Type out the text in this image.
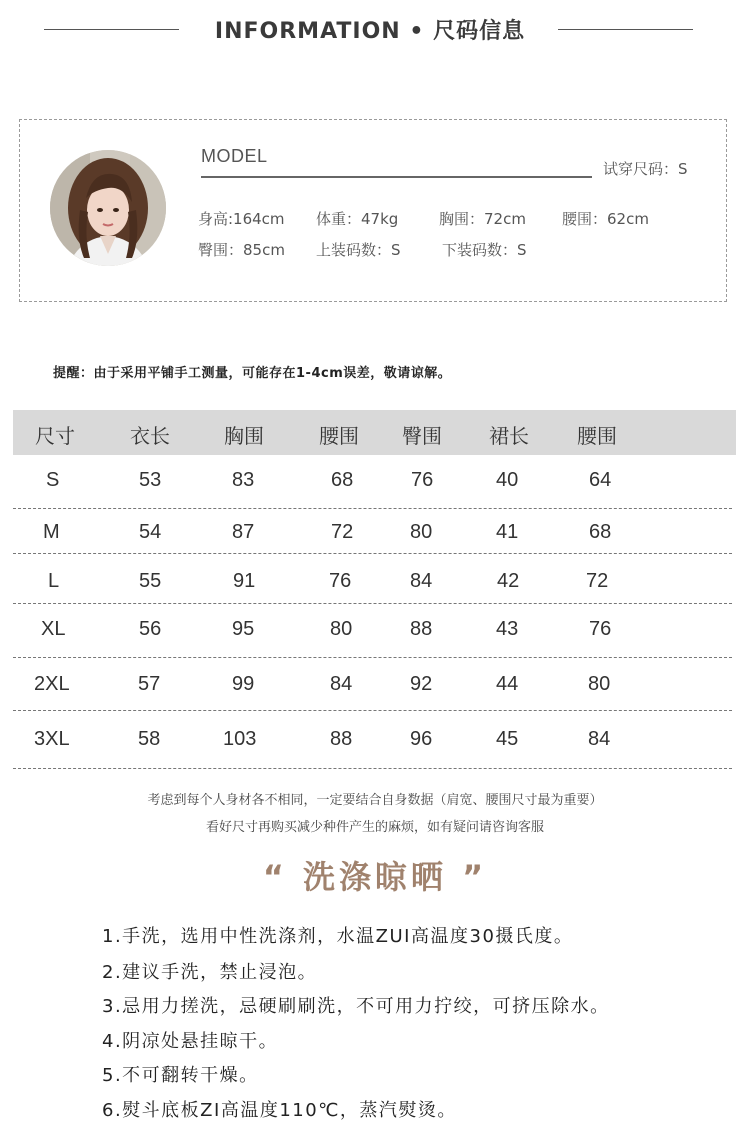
INFORMATION • 尺码信息
MODEL
试穿尺码：S
身高:164cm 体重：47kg	胸围：72cm 腰围：62cm
臀围：85cm 上装码数：S	下装码数：S
提醒：由于采用平铺手工测量，可能存在1-4cm误差，敬请谅解。
尺寸	衣长	胸围	腰围 臀围 裙长 腰围
S	53	83	68	76	40	64
M	54	87	72	80	41	68
L	55	91	76	84	42	72
XL	56	95	80	88	43	76
2XL	57	99	84	92	44	80
3XL	58	103	88	96	45	84
考虑到每个人身材各不相同，一定要结合自身数据（肩宽、腰围尺寸最为重要）
看好尺寸再购买减少种件产生的麻烦，如有疑问请咨询客服
“ 洗涤晾晒 ”
1.手洗，选用中性洗涤剂，水温ZUI高温度30摄氏度。
2.建议手洗，禁止浸泡。
3.忌用力搓洗，忌硬刷刷洗，不可用力拧绞，可挤压除水。
4.阴凉处悬挂晾干。
5.不可翻转干燥。
6.熨斗底板ZI高温度110℃，蒸汽熨烫。
